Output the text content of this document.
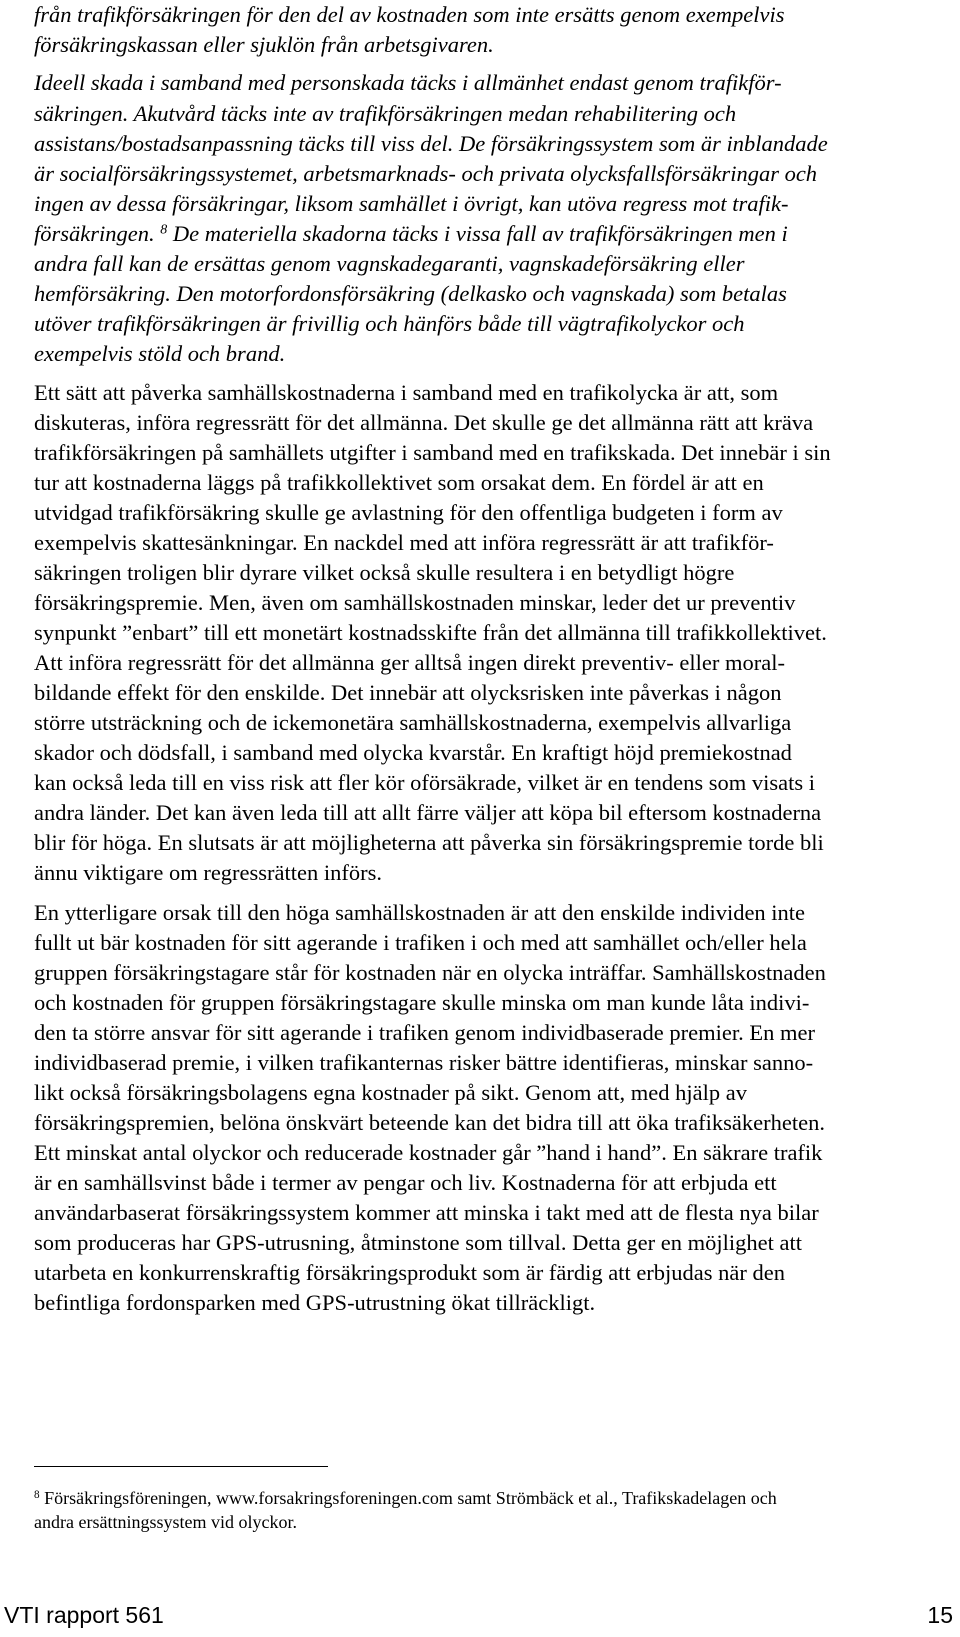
från trafikförsäkringen för den del av kostnaden som inte ersätts genom exempelvis
försäkringskassan eller sjuklön från arbetsgivaren.
Ideell skada i samband med personskada täcks i allmänhet endast genom trafikför-
säkringen. Akutvård täcks inte av trafikförsäkringen medan rehabilitering och
assistans/bostadsanpassning täcks till viss del. De försäkringssystem som är inblandade
är socialförsäkringssystemet, arbetsmarknads- och privata olycksfallsförsäkringar och
ingen av dessa försäkringar, liksom samhället i övrigt, kan utöva regress mot trafik-
försäkringen. $^8$ De materiella skadorna täcks i vissa fall av trafikförsäkringen men i
andra fall kan de ersättas genom vagnskadegaranti, vagnskadeförsäkring eller
hemförsäkring. Den motorfordonsförsäkring (delkasko och vagnskada) som betalas
utöver trafikförsäkringen är frivillig och hänförs både till vägtrafikolyckor och
exempelvis stöld och brand.
Ett sätt att påverka samhällskostnaderna i samband med en trafikolycka är att, som
diskuteras, införa regressrätt för det allmänna. Det skulle ge det allmänna rätt att kräva
trafikförsäkringen på samhällets utgifter i samband med en trafikskada. Det innebär i sin
tur att kostnaderna läggs på trafikkollektivet som orsakat dem. En fördel är att en
utvidgad trafikförsäkring skulle ge avlastning för den offentliga budgeten i form av
exempelvis skattesänkningar. En nackdel med att införa regressrätt är att trafikför-
säkringen troligen blir dyrare vilket också skulle resultera i en betydligt högre
försäkringspremie. Men, även om samhällskostnaden minskar, leder det ur preventiv
synpunkt ”enbart” till ett monetärt kostnadsskifte från det allmänna till trafikkollektivet.
Att införa regressrätt för det allmänna ger alltså ingen direkt preventiv- eller moral-
bildande effekt för den enskilde. Det innebär att olycksrisken inte påverkas i någon
större utsträckning och de ickemonetära samhällskostnaderna, exempelvis allvarliga
skador och dödsfall, i samband med olycka kvarstår. En kraftigt höjd premiekostnad
kan också leda till en viss risk att fler kör oförsäkrade, vilket är en tendens som visats i
andra länder. Det kan även leda till att allt färre väljer att köpa bil eftersom kostnaderna
blir för höga. En slutsats är att möjligheterna att påverka sin försäkringspremie torde bli
ännu viktigare om regressrätten införs.
En ytterligare orsak till den höga samhällskostnaden är att den enskilde individen inte
fullt ut bär kostnaden för sitt agerande i trafiken i och med att samhället och/eller hela
gruppen försäkringstagare står för kostnaden när en olycka inträffar. Samhällskostnaden
och kostnaden för gruppen försäkringstagare skulle minska om man kunde låta indivi-
den ta större ansvar för sitt agerande i trafiken genom individbaserade premier. En mer
individbaserad premie, i vilken trafikanternas risker bättre identifieras, minskar sanno-
likt också försäkringsbolagens egna kostnader på sikt. Genom att, med hjälp av
försäkringspremien, belöna önskvärt beteende kan det bidra till att öka trafiksäkerheten.
Ett minskat antal olyckor och reducerade kostnader går ”hand i hand”. En säkrare trafik
är en samhällsvinst både i termer av pengar och liv. Kostnaderna för att erbjuda ett
användarbaserat försäkringssystem kommer att minska i takt med att de flesta nya bilar
som produceras har GPS-utrusning, åtminstone som tillval. Detta ger en möjlighet att
utarbeta en konkurrenskraftig försäkringsprodukt som är färdig att erbjudas när den
befintliga fordonsparken med GPS-utrustning ökat tillräckligt.
$^8$ Försäkringsföreningen, www.forsakringsforeningen.com samt Strömbäck et al., Trafikskadelagen och
andra ersättningssystem vid olyckor.
VTI rapport 561	15
